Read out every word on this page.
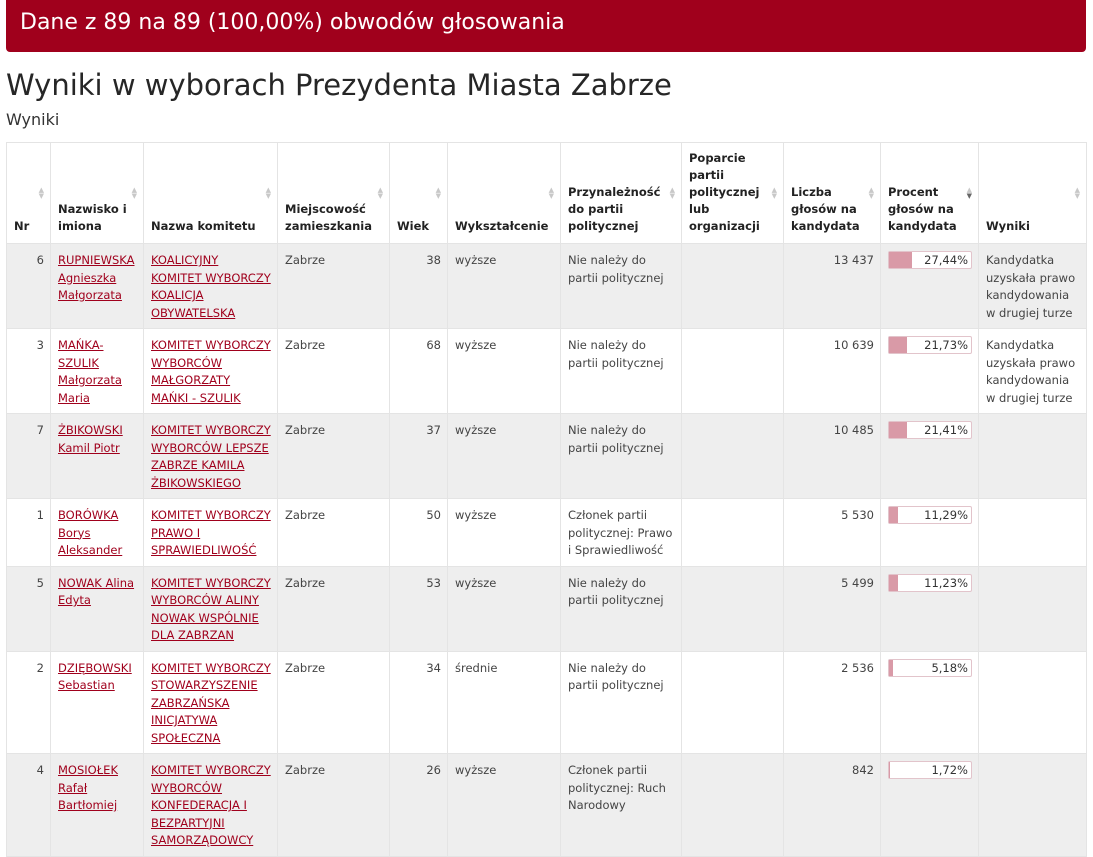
Dane z 89 na 89 (100,00%) obwodów głosowania
Wyniki w wyborach Prezydenta Miasta Zabrze
Wyniki
Nr
▲
▼	Nazwisko i imiona
▲
▼	Nazwa komitetu
▲
▼	Miejscowość zamieszkania
▲
▼	Wiek
▲
▼	Wykształcenie
▲
▼	Przynależność do partii politycznej
▲
▼	Poparcie partii politycznej lub organizacji
▲
▼	Liczba głosów na kandydata
▲
▼	Procent głosów na kandydata
▲
▼	Wyniki
▲
▼

6	RUPNIEWSKA Agnieszka Małgorzata	KOALICYJNY KOMITET WYBORCZY KOALICJA OBYWATELSKA	Zabrze	38	wyższe	Nie należy do partii politycznej		13 437	27,44%	Kandydatka uzyskała prawo kandydowania w drugiej turze
3	MAŃKA-SZULIK Małgorzata Maria	KOMITET WYBORCZY WYBORCÓW MAŁGORZATY MAŃKI - SZULIK	Zabrze	68	wyższe	Nie należy do partii politycznej		10 639	21,73%	Kandydatka uzyskała prawo kandydowania w drugiej turze
7	ŻBIKOWSKI Kamil Piotr	KOMITET WYBORCZY WYBORCÓW LEPSZE ZABRZE KAMILA ŻBIKOWSKIEGO	Zabrze	37	wyższe	Nie należy do partii politycznej		10 485	21,41%	

1	BORÓWKA Borys Aleksander	KOMITET WYBORCZY PRAWO I SPRAWIEDLIWOŚĆ	Zabrze	50	wyższe	Członek partii politycznej: Prawo i Sprawiedliwość		5 530	11,29%	

5	NOWAK Alina Edyta	KOMITET WYBORCZY WYBORCÓW ALINY NOWAK WSPÓLNIE DLA ZABRZAN	Zabrze	53	wyższe	Nie należy do partii politycznej		5 499	11,23%	

2	DZIĘBOWSKI Sebastian	KOMITET WYBORCZY STOWARZYSZENIE ZABRZAŃSKA INICJATYWA SPOŁECZNA	Zabrze	34	średnie	Nie należy do partii politycznej		2 536	5,18%	

4	MOSIOŁEK Rafał Bartłomiej	KOMITET WYBORCZY WYBORCÓW KONFEDERACJA I BEZPARTYJNI SAMORZĄDOWCY	Zabrze	26	wyższe	Członek partii politycznej: Ruch Narodowy		842	1,72%	
